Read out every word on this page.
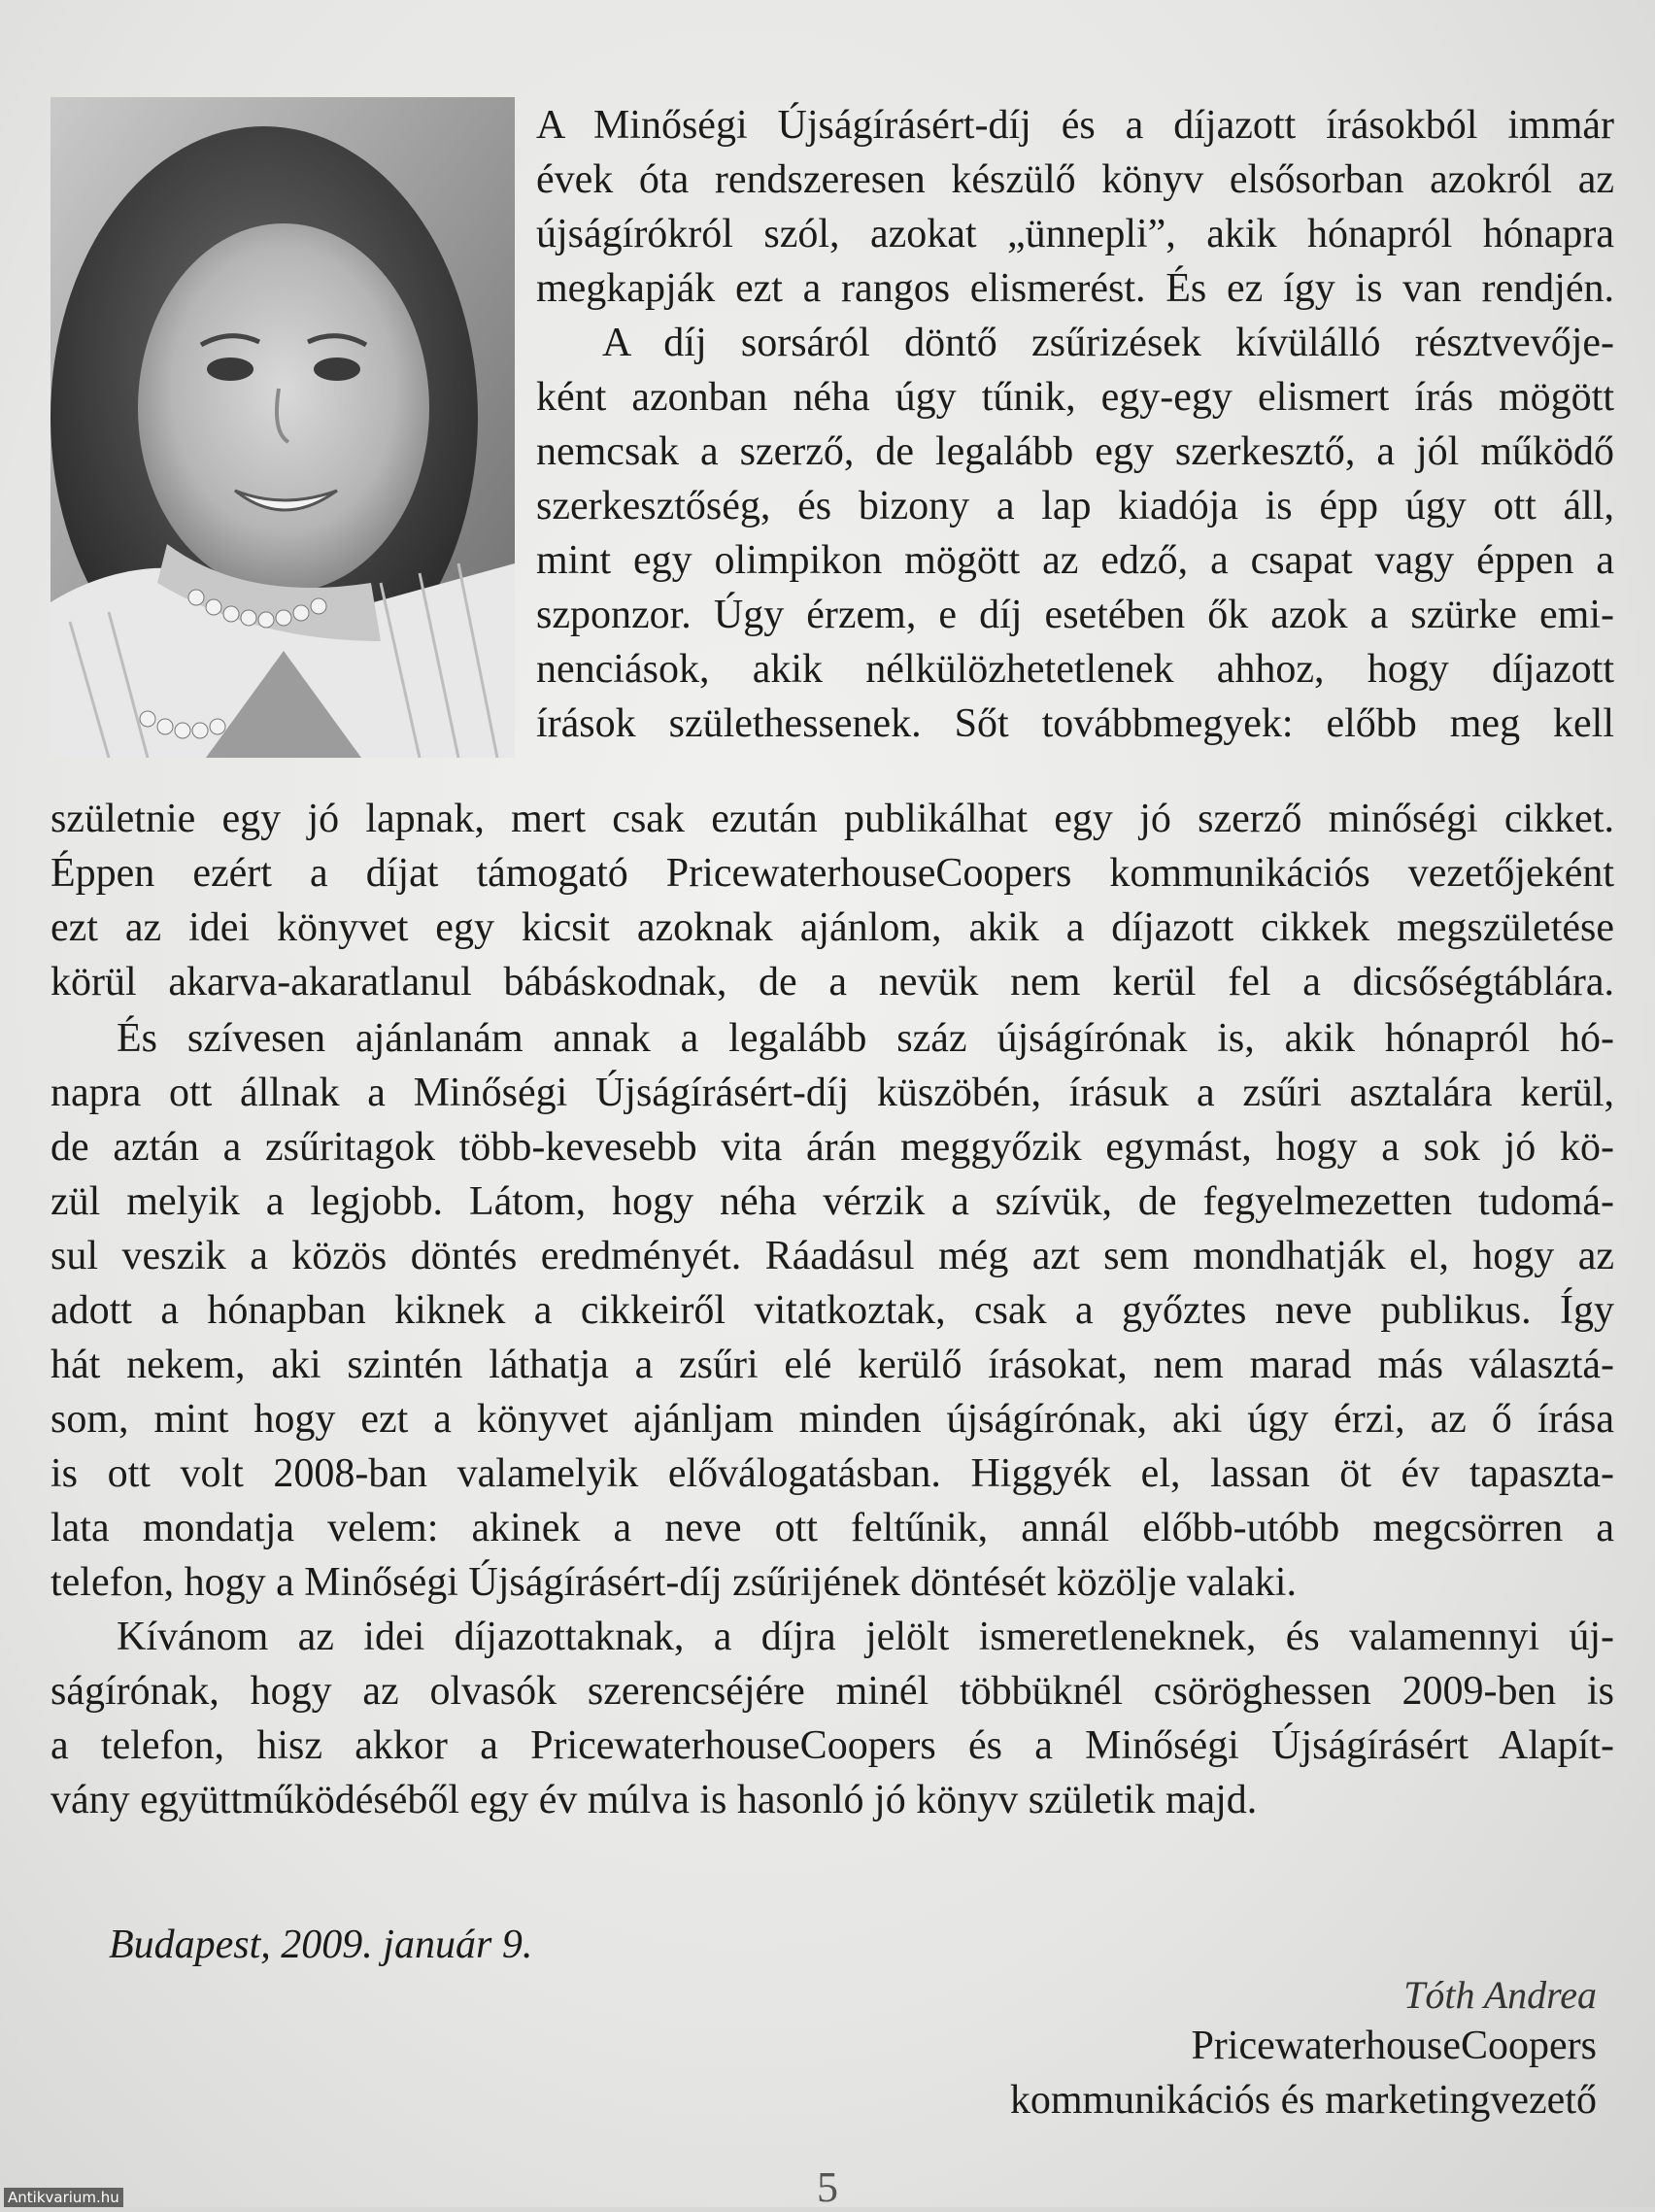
A Minőségi Újságírásért-díj és a díjazott írásokból immár
évek óta rendszeresen készülő könyv elsősorban azokról az
újságírókról szól, azokat „ünnepli”, akik hónapról hónapra
megkapják ezt a rangos elismerést. És ez így is van rendjén.
A díj sorsáról döntő zsűrizések kívülálló résztvevője-
ként azonban néha úgy tűnik, egy-egy elismert írás mögött
nemcsak a szerző, de legalább egy szerkesztő, a jól működő
szerkesztőség, és bizony a lap kiadója is épp úgy ott áll,
mint egy olimpikon mögött az edző, a csapat vagy éppen a
szponzor. Úgy érzem, e díj esetében ők azok a szürke emi-
nenciások, akik nélkülözhetetlenek ahhoz, hogy díjazott
írások születhessenek. Sőt továbbmegyek: előbb meg kell
születnie egy jó lapnak, mert csak ezután publikálhat egy jó szerző minőségi cikket.
Éppen ezért a díjat támogató PricewaterhouseCoopers kommunikációs vezetőjeként
ezt az idei könyvet egy kicsit azoknak ajánlom, akik a díjazott cikkek megszületése
körül akarva-akaratlanul bábáskodnak, de a nevük nem kerül fel a dicsőségtáblára.
És szívesen ajánlanám annak a legalább száz újságírónak is, akik hónapról hó-
napra ott állnak a Minőségi Újságírásért-díj küszöbén, írásuk a zsűri asztalára kerül,
de aztán a zsűritagok több-kevesebb vita árán meggyőzik egymást, hogy a sok jó kö-
zül melyik a legjobb. Látom, hogy néha vérzik a szívük, de fegyelmezetten tudomá-
sul veszik a közös döntés eredményét. Ráadásul még azt sem mondhatják el, hogy az
adott a hónapban kiknek a cikkeiről vitatkoztak, csak a győztes neve publikus. Így
hát nekem, aki szintén láthatja a zsűri elé kerülő írásokat, nem marad más választá-
som, mint hogy ezt a könyvet ajánljam minden újságírónak, aki úgy érzi, az ő írása
is ott volt 2008-ban valamelyik előválogatásban. Higgyék el, lassan öt év tapaszta-
lata mondatja velem: akinek a neve ott feltűnik, annál előbb-utóbb megcsörren a
telefon, hogy a Minőségi Újságírásért-díj zsűrijének döntését közölje valaki.
Kívánom az idei díjazottaknak, a díjra jelölt ismeretleneknek, és valamennyi új-
ságírónak, hogy az olvasók szerencséjére minél többüknél csöröghessen 2009-ben is
a telefon, hisz akkor a PricewaterhouseCoopers és a Minőségi Újságírásért Alapít-
vány együttműködéséből egy év múlva is hasonló jó könyv születik majd.
Budapest, 2009. január 9.
Tóth Andrea
PricewaterhouseCoopers
kommunikációs és marketingvezető
5
Antikvarium.hu
